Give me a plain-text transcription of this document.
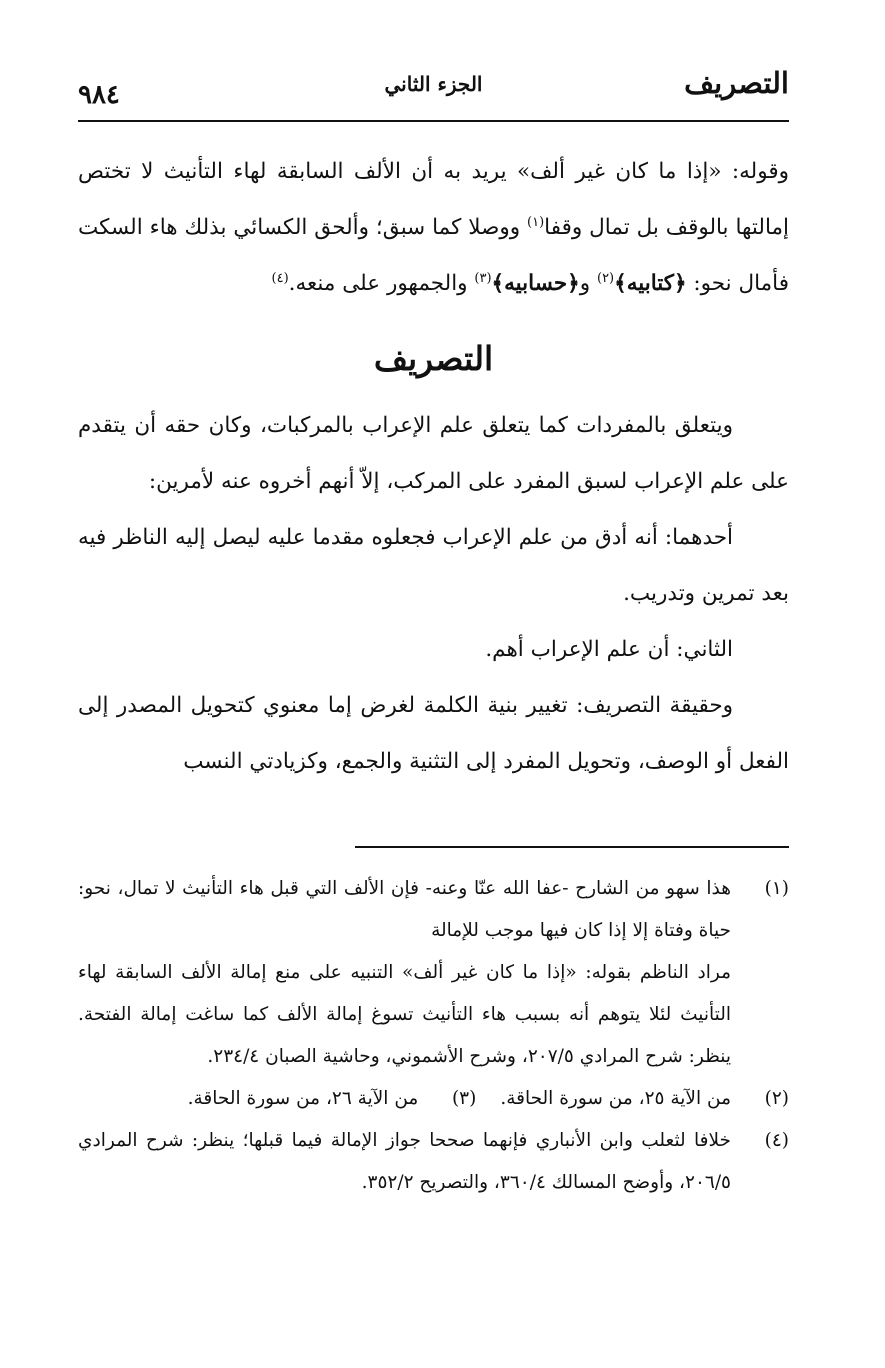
التصريف
الجزء الثاني
٩٨٤

وقوله: «إذا ما كان غير ألف» يريد به أن الألف السابقة لهاء التأنيث لا تختص إمالتها بالوقف بل تمال وقفا$^{(١)}$ ووصلا كما سبق؛ وألحق الكسائي بذلك هاء السكت فأمال نحو: ﴿كتابيه﴾$^{(٢)}$ و﴿حسابيه﴾$^{(٣)}$ والجمهور على منعه.$^{(٤)}$

التصريف

ويتعلق بالمفردات كما يتعلق علم الإعراب بالمركبات، وكان حقه أن يتقدم على علم الإعراب لسبق المفرد على المركب، إلاّ أنهم أخروه عنه لأمرين:

أحدهما: أنه أدق من علم الإعراب فجعلوه مقدما عليه ليصل إليه الناظر فيه بعد تمرين وتدريب.

الثاني: أن علم الإعراب أهم.

وحقيقة التصريف: تغيير بنية الكلمة لغرض إما معنوي كتحويل المصدر إلى الفعل أو الوصف، وتحويل المفرد إلى التثنية والجمع، وكزيادتي النسب

(١)
هذا سهو من الشارح -عفا الله عنّا وعنه- فإن الألف التي قبل هاء التأنيث لا تمال، نحو: حياة وفتاة إلا إذا كان فيها موجب للإمالة
مراد الناظم بقوله: «إذا ما كان غير ألف» التنبيه على منع إمالة الألف السابقة لهاء التأنيث لئلا يتوهم أنه بسبب هاء التأنيث تسوغ إمالة الألف كما ساغت إمالة الفتحة. ينظر: شرح المرادي ٢٠٧/٥، وشرح الأشموني، وحاشية الصبان ٢٣٤/٤.
(٢)
من الآية ٢٥، من سورة الحاقة.
(٣)
من الآية ٢٦، من سورة الحاقة.
(٤)
خلافا لثعلب وابن الأنباري فإنهما صححا جواز الإمالة فيما قبلها؛ ينظر: شرح المرادي ٢٠٦/٥، وأوضح المسالك ٣٦٠/٤، والتصريح ٣٥٢/٢.
